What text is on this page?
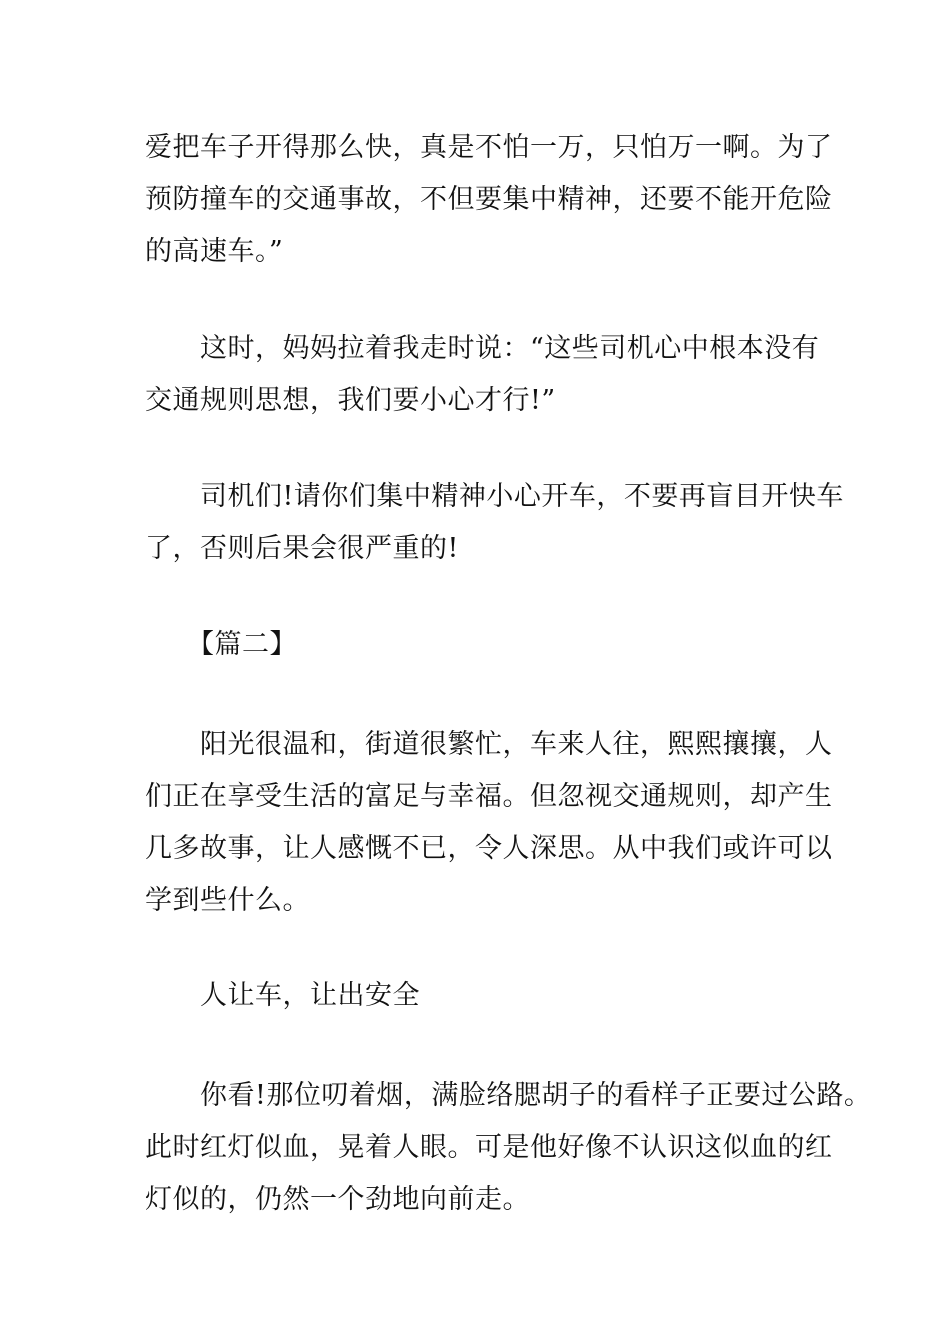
爱把车子开得那么快，真是不怕一万，只怕万一啊。为了
预防撞车的交通事故，不但要集中精神，还要不能开危险
的高速车。”
这时，妈妈拉着我走时说：“这些司机心中根本没有
交通规则思想，我们要小心才行!”
司机们!请你们集中精神小心开车，不要再盲目开快车
了，否则后果会很严重的!
【篇二】
阳光很温和，街道很繁忙，车来人往，熙熙攘攘，人
们正在享受生活的富足与幸福。但忽视交通规则，却产生
几多故事，让人感慨不已，令人深思。从中我们或许可以
学到些什么。
人让车，让出安全
你看!那位叨着烟，满脸络腮胡子的看样子正要过公路。
此时红灯似血，晃着人眼。可是他好像不认识这似血的红
灯似的，仍然一个劲地向前走。
